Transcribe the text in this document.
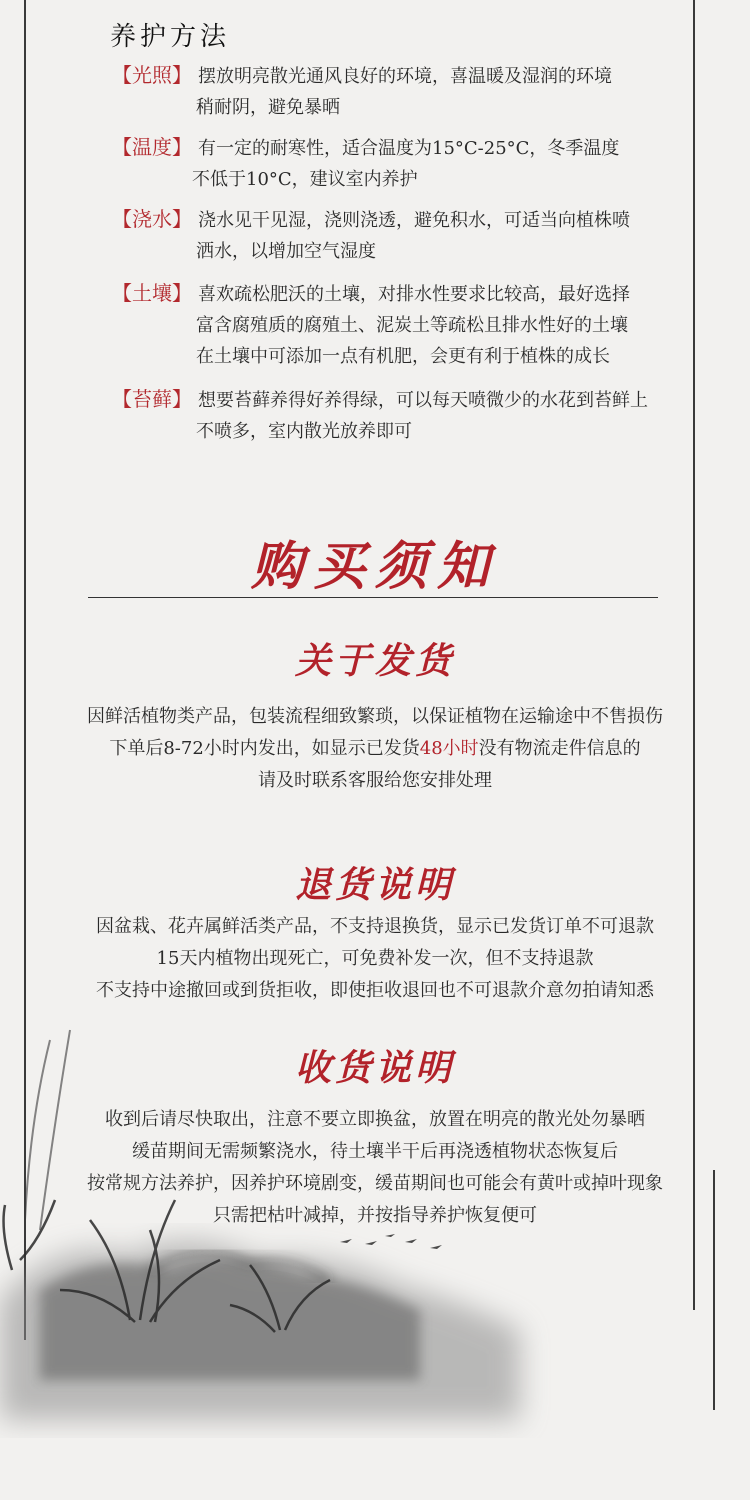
养护方法
【光照】 摆放明亮散光通风良好的环境，喜温暖及湿润的环境
稍耐阴，避免暴晒
【温度】 有一定的耐寒性，适合温度为15°C-25°C，冬季温度
不低于10°C，建议室内养护
【浇水】 浇水见干见湿，浇则浇透，避免积水，可适当向植株喷
洒水，以增加空气湿度
【土壤】 喜欢疏松肥沃的土壤，对排水性要求比较高，最好选择
富含腐殖质的腐殖土、泥炭土等疏松且排水性好的土壤
在土壤中可添加一点有机肥，会更有利于植株的成长
【苔藓】 想要苔藓养得好养得绿，可以每天喷微少的水花到苔鲜上
不喷多，室内散光放养即可
购买须知
关于发货

因鲜活植物类产品，包装流程细致繁琐，以保证植物在运输途中不售损伤

下单后8-72小时内发出，如显示已发货48小时没有物流走件信息的

请及时联系客服给您安排处理

退货说明

因盆栽、花卉属鲜活类产品，不支持退换货，显示已发货订单不可退款

15天内植物出现死亡，可免费补发一次，但不支持退款

不支持中途撤回或到货拒收，即使拒收退回也不可退款介意勿拍请知悉

收货说明

收到后请尽快取出，注意不要立即换盆，放置在明亮的散光处勿暴晒

缓苗期间无需频繁浇水，待土壤半干后再浇透植物状态恢复后

按常规方法养护，因养护环境剧变，缓苗期间也可能会有黄叶或掉叶现象

只需把枯叶减掉，并按指导养护恢复便可
